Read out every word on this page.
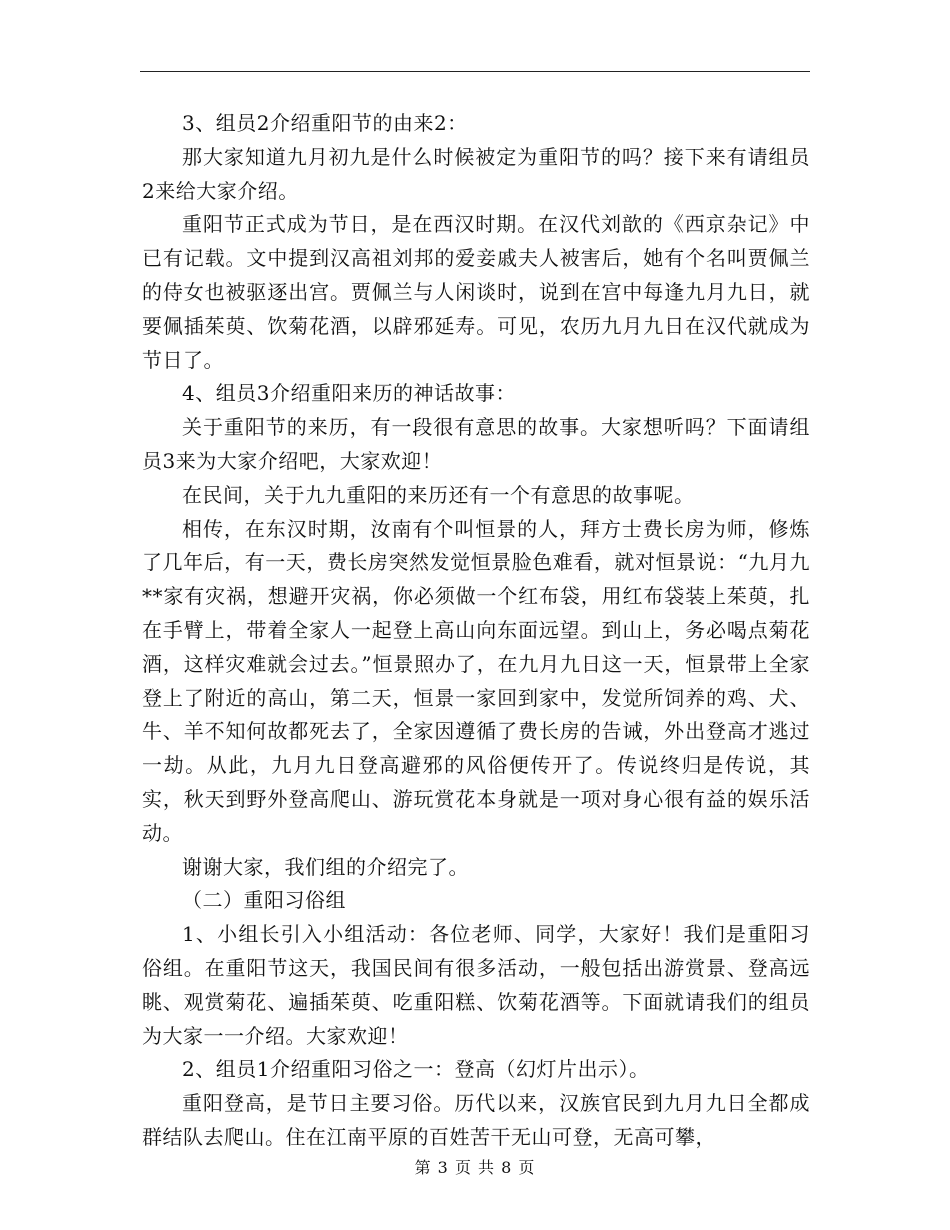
3、组员2介绍重阳节的由来2：

那大家知道九月初九是什么时候被定为重阳节的吗？接下来有请组员2来给大家介绍。

重阳节正式成为节日，是在西汉时期。在汉代刘歆的《西京杂记》中已有记载。文中提到汉高祖刘邦的爱妾戚夫人被害后，她有个名叫贾佩兰的侍女也被驱逐出宫。贾佩兰与人闲谈时，说到在宫中每逢九月九日，就要佩插茱萸、饮菊花酒，以辟邪延寿。可见，农历九月九日在汉代就成为节日了。

4、组员3介绍重阳来历的神话故事：

关于重阳节的来历，有一段很有意思的故事。大家想听吗？下面请组员3来为大家介绍吧，大家欢迎！

在民间，关于九九重阳的来历还有一个有意思的故事呢。

相传，在东汉时期，汝南有个叫恒景的人，拜方士费长房为师，修炼了几年后，有一天，费长房突然发觉恒景脸色难看，就对恒景说：“九月九**家有灾祸，想避开灾祸，你必须做一个红布袋，用红布袋装上茱萸，扎在手臂上，带着全家人一起登上高山向东面远望。到山上，务必喝点菊花酒，这样灾难就会过去。”恒景照办了，在九月九日这一天，恒景带上全家登上了附近的高山，第二天，恒景一家回到家中，发觉所饲养的鸡、犬、牛、羊不知何故都死去了，全家因遵循了费长房的告诫，外出登高才逃过一劫。从此，九月九日登高避邪的风俗便传开了。传说终归是传说，其实，秋天到野外登高爬山、游玩赏花本身就是一项对身心很有益的娱乐活动。

谢谢大家，我们组的介绍完了。

（二）重阳习俗组

1、小组长引入小组活动：各位老师、同学，大家好！我们是重阳习俗组。在重阳节这天，我国民间有很多活动，一般包括出游赏景、登高远眺、观赏菊花、遍插茱萸、吃重阳糕、饮菊花酒等。下面就请我们的组员为大家一一介绍。大家欢迎！

2、组员1介绍重阳习俗之一：登高（幻灯片出示）。

重阳登高，是节日主要习俗。历代以来，汉族官民到九月九日全都成群结队去爬山。住在江南平原的百姓苦干无山可登，无高可攀，

第 3 页 共 8 页
